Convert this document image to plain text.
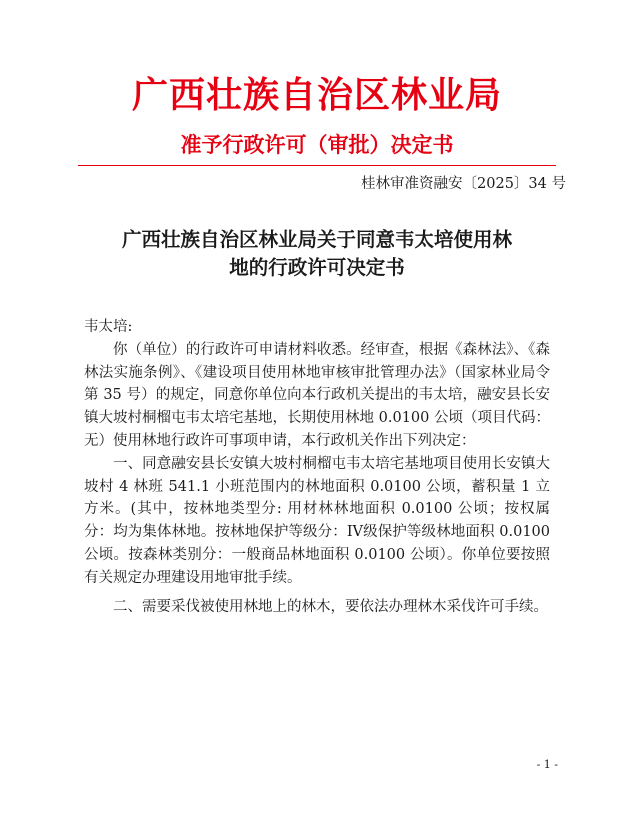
广西壮族自治区林业局
准予行政许可（审批）决定书
桂林审准资融安〔2025〕34 号
广西壮族自治区林业局关于同意韦太培使用林
地的行政许可决定书

韦太培:

你（单位）的行政许可申请材料收悉。经审查，根据《森林法》、《森林法实施条例》、《建设项目使用林地审核审批管理办法》（国家林业局令第 35 号）的规定，同意你单位向本行政机关提出的韦太培，融安县长安镇大坡村桐榴屯韦太培宅基地，长期使用林地 0.0100 公顷（项目代码：无）使用林地行政许可事项申请，本行政机关作出下列决定：

一、同意融安县长安镇大坡村桐榴屯韦太培宅基地项目使用长安镇大坡村 4 林班 541.1 小班范围内的林地面积 0.0100 公顷，蓄积量 1 立方米。(其中，按林地类型分: 用材林林地面积 0.0100 公顷；按权属分：均为集体林地。按林地保护等级分：IV级保护等级林地面积 0.0100 公顷。按森林类别分：一般商品林地面积 0.0100 公顷）。你单位要按照有关规定办理建设用地审批手续。

二、需要采伐被使用林地上的林木，要依法办理林木采伐许可手续。

- 1 -
